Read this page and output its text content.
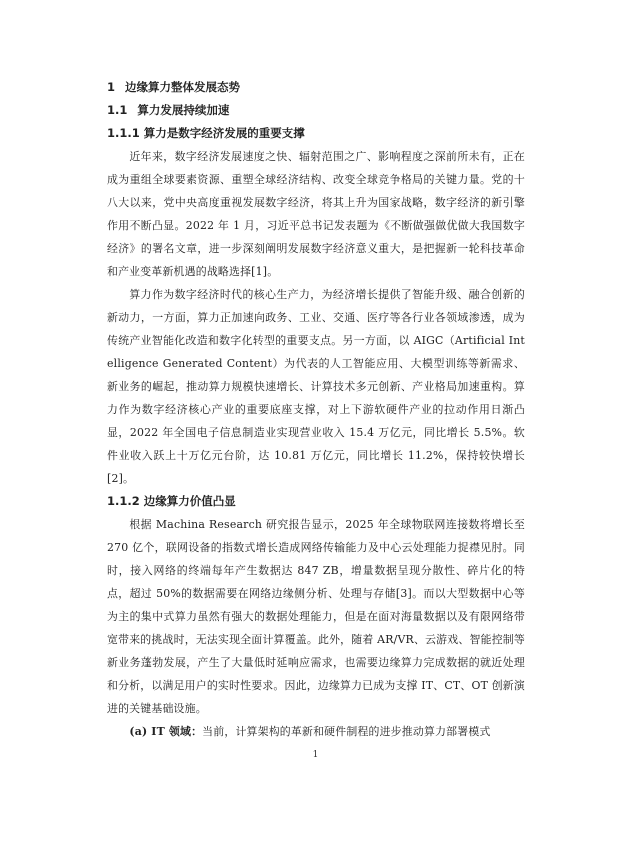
1 边缘算力整体发展态势
1.1 算力发展持续加速
1.1.1 算力是数字经济发展的重要支撑

近年来，数字经济发展速度之快、辐射范围之广、影响程度之深前所未有，正在成为重组全球要素资源、重塑全球经济结构、改变全球竞争格局的关键力量。党的十八大以来，党中央高度重视发展数字经济，将其上升为国家战略，数字经济的新引擎作用不断凸显。2022 年 1 月，习近平总书记发表题为《不断做强做优做大我国数字经济》的署名文章，进一步深刻阐明发展数字经济意义重大，是把握新一轮科技革命和产业变革新机遇的战略选择[1]。

算力作为数字经济时代的核心生产力，为经济增长提供了智能升级、融合创新的新动力，一方面，算力正加速向政务、工业、交通、医疗等各行业各领域渗透，成为传统产业智能化改造和数字化转型的重要支点。另一方面，以 AIGC（Artificial Intelligence Generated Content）为代表的人工智能应用、大模型训练等新需求、新业务的崛起，推动算力规模快速增长、计算技术多元创新、产业格局加速重构。算力作为数字经济核心产业的重要底座支撑，对上下游软硬件产业的拉动作用日渐凸显，2022 年全国电子信息制造业实现营业收入 15.4 万亿元，同比增长 5.5%。软件业收入跃上十万亿元台阶，达 10.81 万亿元，同比增长 11.2%，保持较快增长[2]。

1.1.2 边缘算力价值凸显

根据 Machina Research 研究报告显示，2025 年全球物联网连接数将增长至 270 亿个，联网设备的指数式增长造成网络传输能力及中心云处理能力捉襟见肘。同时，接入网络的终端每年产生数据达 847 ZB，增量数据呈现分散性、碎片化的特点，超过 50%的数据需要在网络边缘侧分析、处理与存储[3]。而以大型数据中心等为主的集中式算力虽然有强大的数据处理能力，但是在面对海量数据以及有限网络带宽带来的挑战时，无法实现全面计算覆盖。此外，随着 AR/VR、云游戏、智能控制等新业务蓬勃发展，产生了大量低时延响应需求，也需要边缘算力完成数据的就近处理和分析，以满足用户的实时性要求。因此，边缘算力已成为支撑 IT、CT、OT 创新演进的关键基础设施。

(a) IT 领域：当前，计算架构的革新和硬件制程的进步推动算力部署模式

1
